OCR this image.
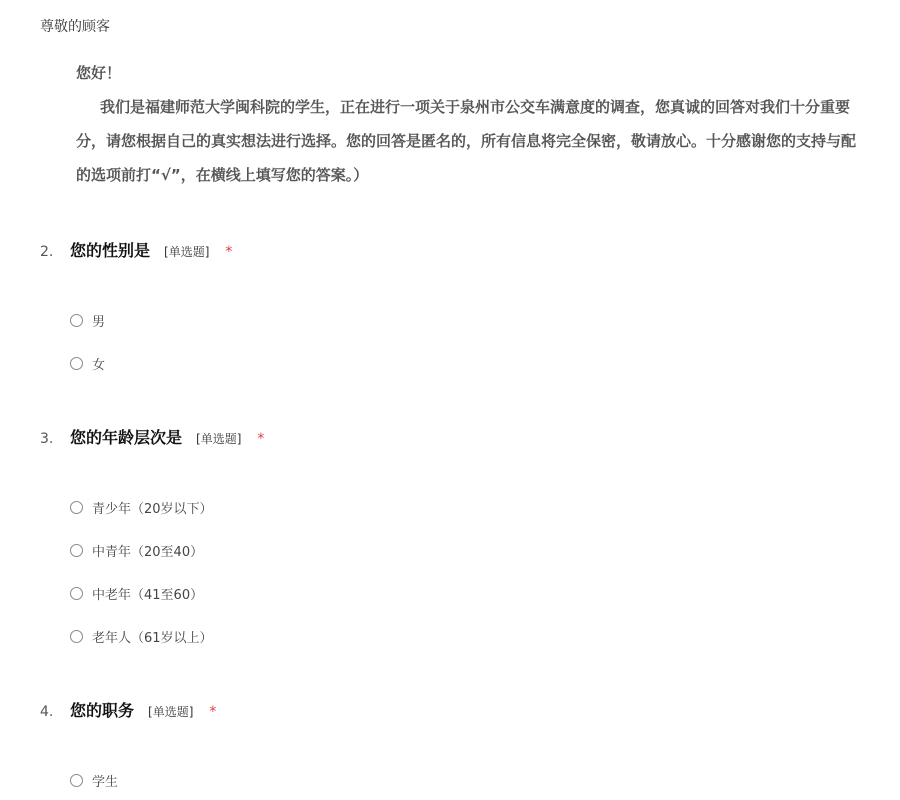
尊敬的顾客
您好！
我们是福建师范大学闽科院的学生，正在进行一项关于泉州市公交车满意度的调查，您真诚的回答对我们十分重要
分，请您根据自己的真实想法进行选择。您的回答是匿名的，所有信息将完全保密，敬请放心。十分感谢您的支持与配
的选项前打“√”，在横线上填写您的答案。）
2.	您的性别是 [单选题] *
男
女
3.	您的年龄层次是 [单选题] *
青少年（20岁以下）
中青年（20至40）
中老年（41至60）
老年人（61岁以上）
4.	您的职务 [单选题] *
学生
